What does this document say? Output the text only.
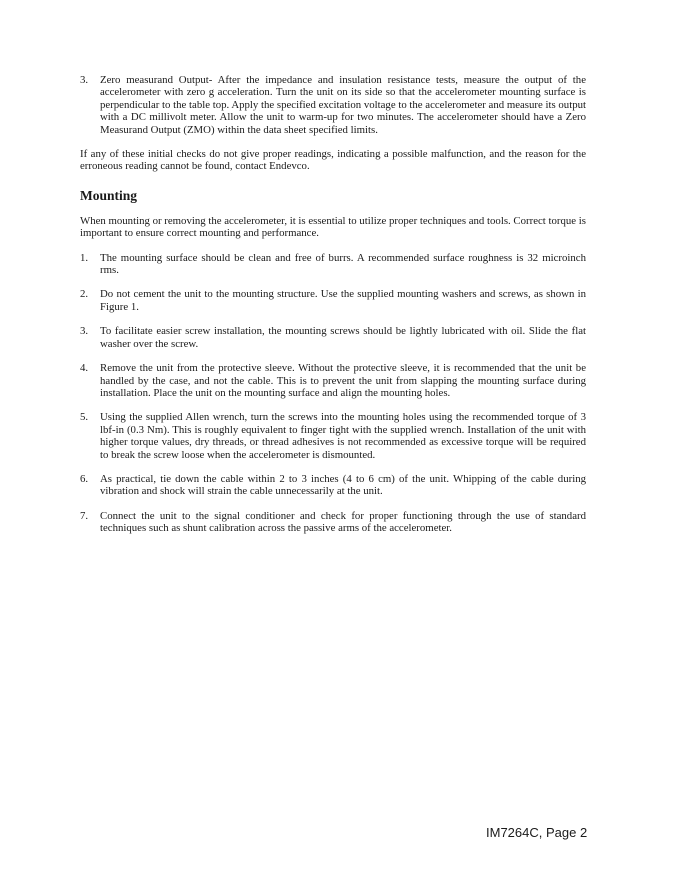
3. Zero measurand Output- After the impedance and insulation resistance tests, measure the output of the accelerometer with zero g acceleration. Turn the unit on its side so that the accelerometer mounting surface is perpendicular to the table top. Apply the specified excitation voltage to the accelerometer and measure its output with a DC millivolt meter. Allow the unit to warm-up for two minutes. The accelerometer should have a Zero Measurand Output (ZMO) within the data sheet specified limits.

If any of these initial checks do not give proper readings, indicating a possible malfunction, and the reason for the erroneous reading cannot be found, contact Endevco.

Mounting

When mounting or removing the accelerometer, it is essential to utilize proper techniques and tools. Correct torque is important to ensure correct mounting and performance.

1. The mounting surface should be clean and free of burrs. A recommended surface roughness is 32 microinch rms.
2. Do not cement the unit to the mounting structure. Use the supplied mounting washers and screws, as shown in Figure 1.
3. To facilitate easier screw installation, the mounting screws should be lightly lubricated with oil. Slide the flat washer over the screw.
4. Remove the unit from the protective sleeve. Without the protective sleeve, it is recommended that the unit be handled by the case, and not the cable. This is to prevent the unit from slapping the mounting surface during installation. Place the unit on the mounting surface and align the mounting holes.
5. Using the supplied Allen wrench, turn the screws into the mounting holes using the recommended torque of 3 lbf-in (0.3 Nm). This is roughly equivalent to finger tight with the supplied wrench. Installation of the unit with higher torque values, dry threads, or thread adhesives is not recommended as excessive torque will be required to break the screw loose when the accelerometer is dismounted.
6. As practical, tie down the cable within 2 to 3 inches (4 to 6 cm) of the unit. Whipping of the cable during vibration and shock will strain the cable unnecessarily at the unit.
7. Connect the unit to the signal conditioner and check for proper functioning through the use of standard techniques such as shunt calibration across the passive arms of the accelerometer.
IM7264C, Page 2
